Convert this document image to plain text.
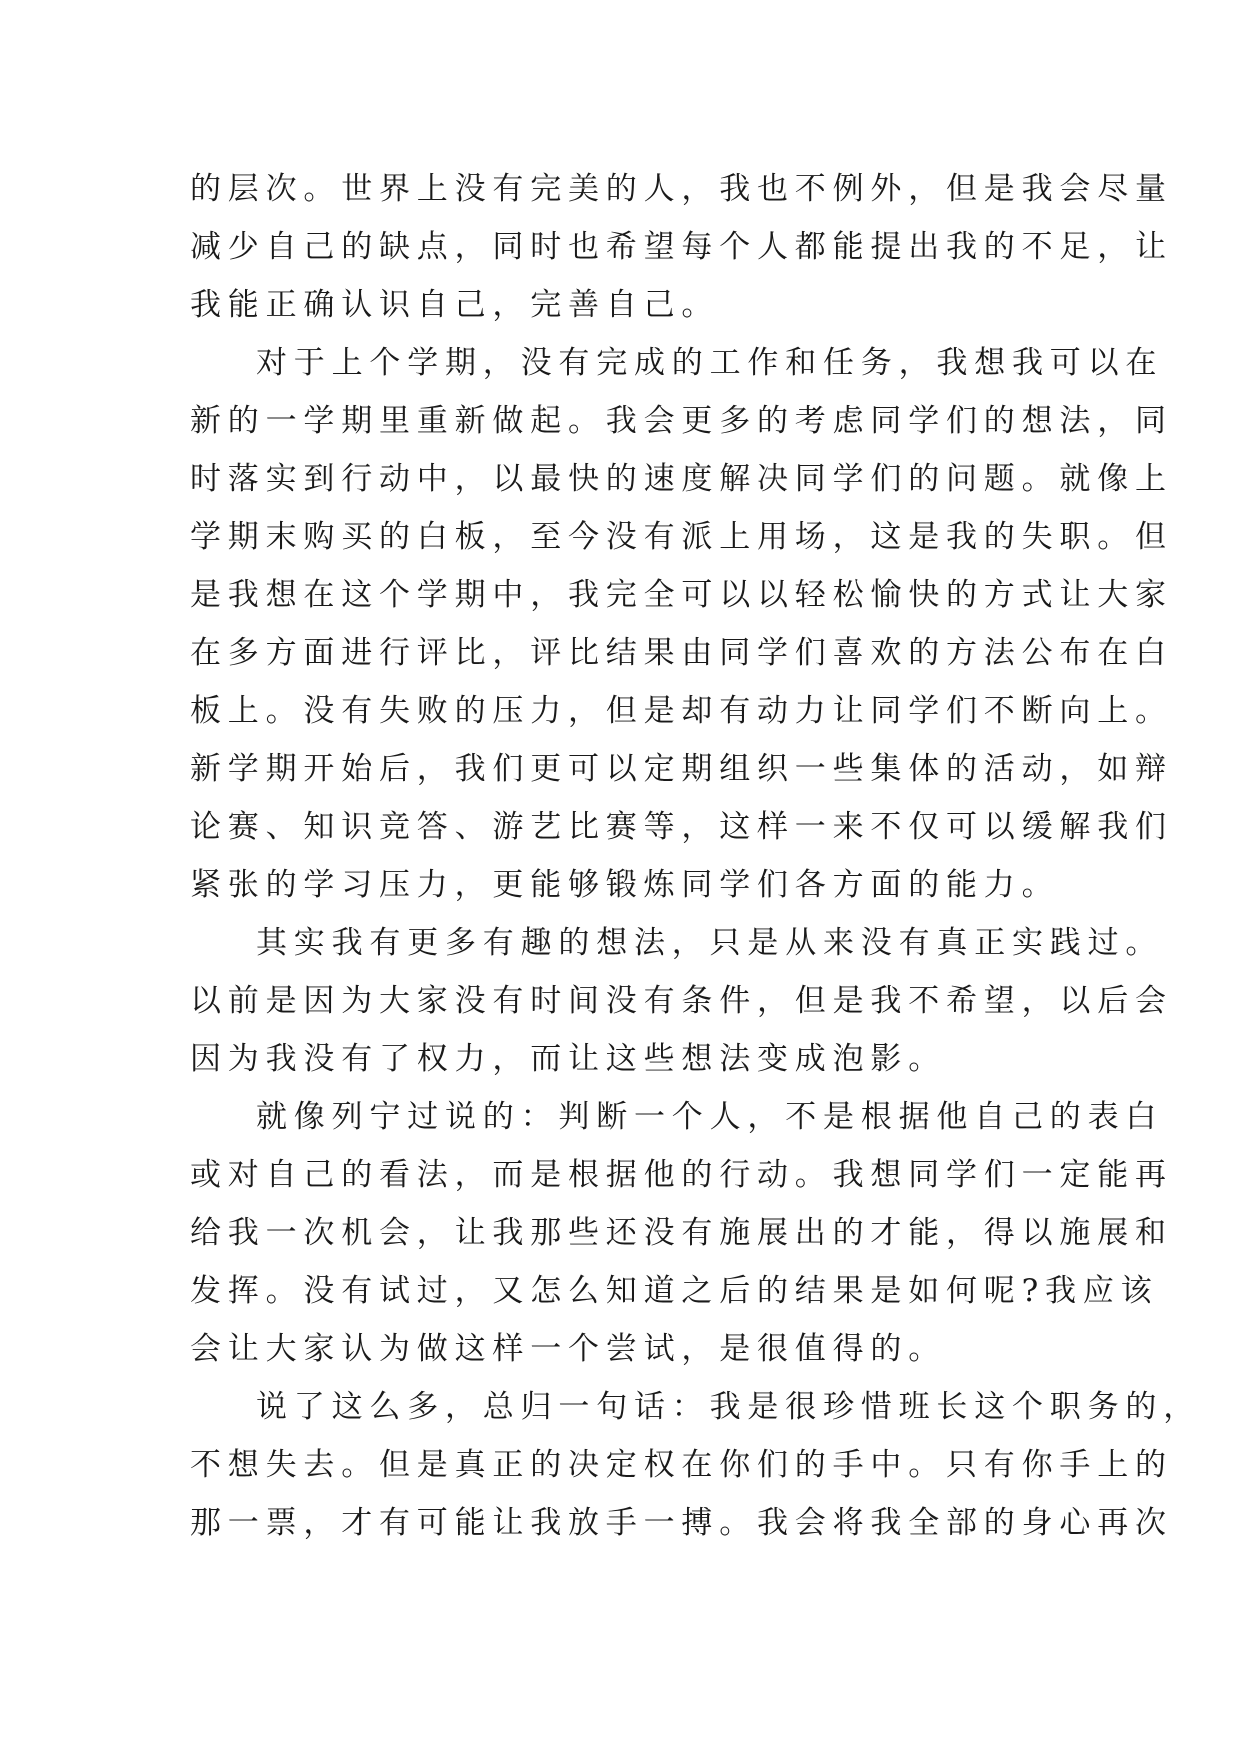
的层次。世界上没有完美的人，我也不例外，但是我会尽量
减少自己的缺点，同时也希望每个人都能提出我的不足，让
我能正确认识自己，完善自己。
对于上个学期，没有完成的工作和任务，我想我可以在
新的一学期里重新做起。我会更多的考虑同学们的想法，同
时落实到行动中，以最快的速度解决同学们的问题。就像上
学期末购买的白板，至今没有派上用场，这是我的失职。但
是我想在这个学期中，我完全可以以轻松愉快的方式让大家
在多方面进行评比，评比结果由同学们喜欢的方法公布在白
板上。没有失败的压力，但是却有动力让同学们不断向上。
新学期开始后，我们更可以定期组织一些集体的活动，如辩
论赛、知识竞答、游艺比赛等，这样一来不仅可以缓解我们
紧张的学习压力，更能够锻炼同学们各方面的能力。
其实我有更多有趣的想法，只是从来没有真正实践过。
以前是因为大家没有时间没有条件，但是我不希望，以后会
因为我没有了权力，而让这些想法变成泡影。
就像列宁过说的：判断一个人，不是根据他自己的表白
或对自己的看法，而是根据他的行动。我想同学们一定能再
给我一次机会，让我那些还没有施展出的才能，得以施展和
发挥。没有试过，又怎么知道之后的结果是如何呢?我应该
会让大家认为做这样一个尝试，是很值得的。
说了这么多，总归一句话：我是很珍惜班长这个职务的，
不想失去。但是真正的决定权在你们的手中。只有你手上的
那一票，才有可能让我放手一搏。我会将我全部的身心再次
